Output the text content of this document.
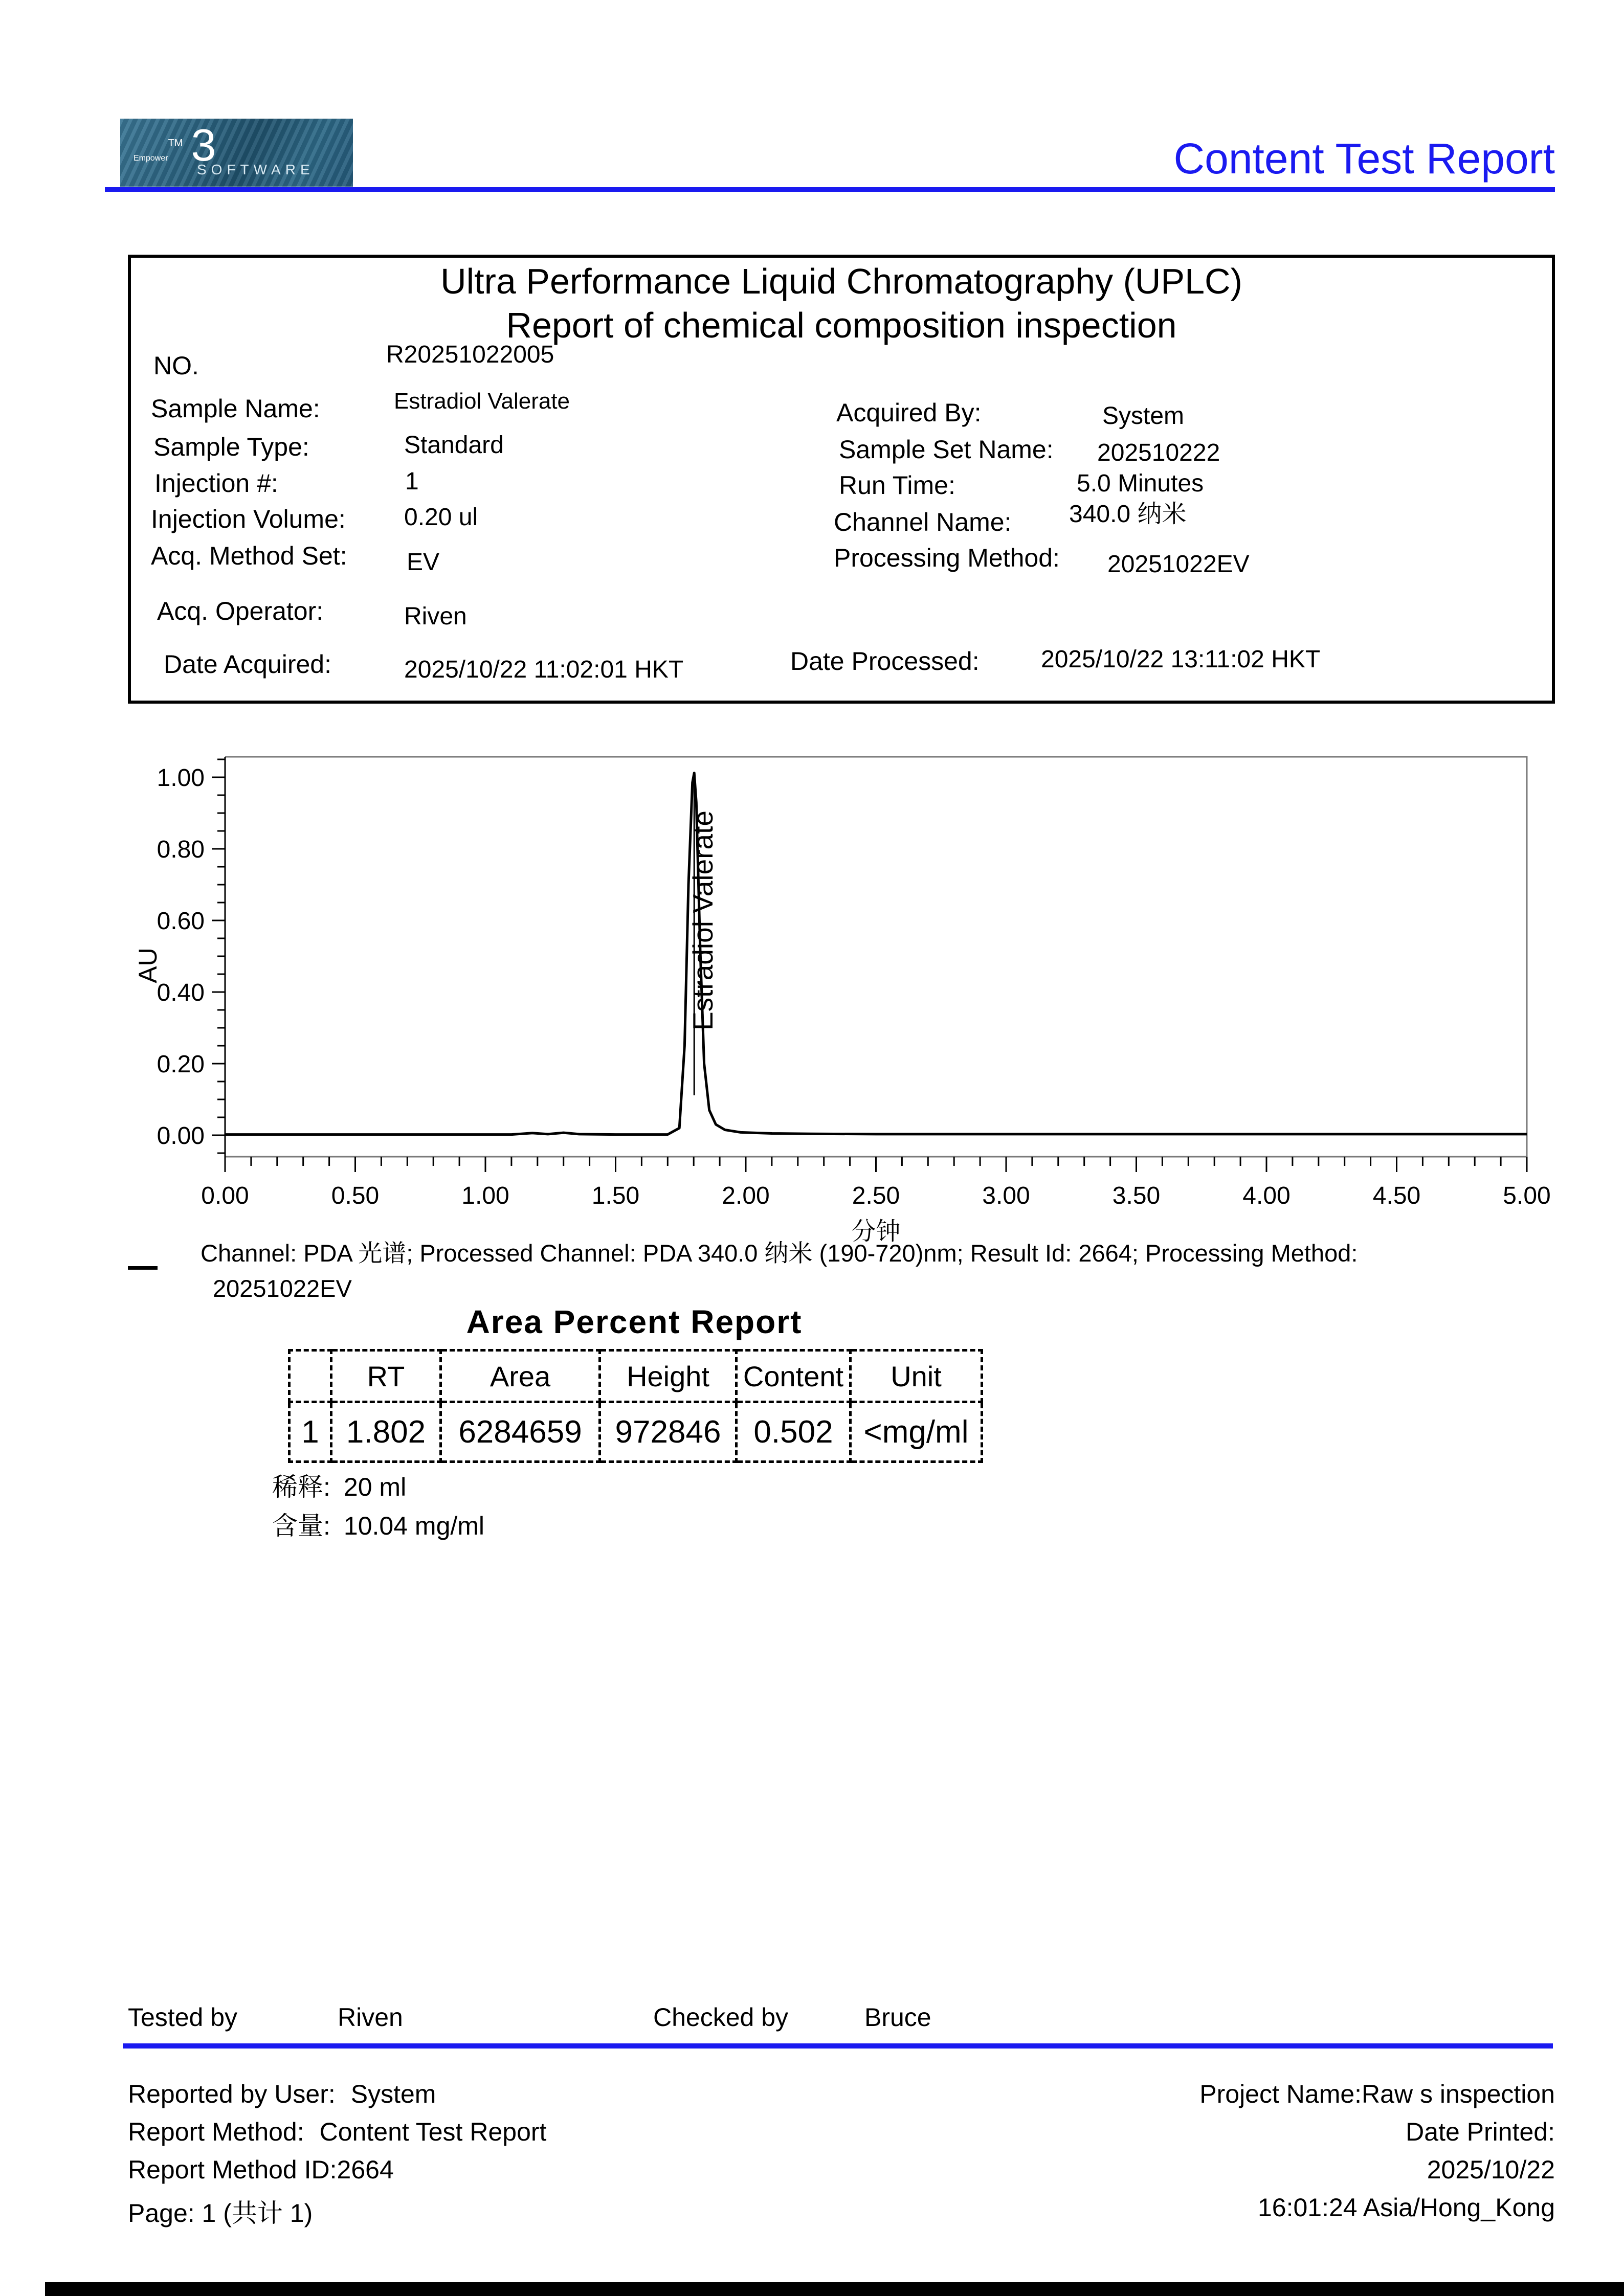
Empower™ 3
SOFTWARE	Content Test Report
Ultra Performance Liquid Chromatography (UPLC)
Report of chemical composition inspection
NO.	R20251022005
Sample Name:	Estradiol Valerate
Sample Type:	Standard
Injection #:	1
Injection Volume: 0.20 ul
Acq. Method Set: EV
Acq. Operator:	Riven
Date Acquired:	2025/10/22 11:02:01 HKT
Acquired By:	System
Sample Set Name: 202510222
Run Time:	5.0 Minutes
Channel Name: 340.0 纳米
Processing Method: 20251022EV
Date Processed:	2025/10/22 13:11:02 HKT
0.00
0.20
0.40
0.60
0.80
1.00
0.00	0.50	1.00	1.50	2.00	2.50	3.00	3.50	4.00	4.50	5.00
AU
分钟
Estradiol Valerate
Channel: PDA 光谱; Processed Channel: PDA 340.0 纳米 (190-720)nm; Result Id: 2664; Processing Method:
20251022EV
Area Percent Report
	RT	Area	Height	Content	Unit
1	1.802	6284659	972846	0.502	<mg/ml
稀释: 20 ml
含量: 10.04 mg/ml
Tested by	Riven	Checked by	Bruce
Reported by User: System
Report Method: Content Test Report
Report Method ID:2664
Page: 1 (共计 1)
Project Name:Raw s inspection
Date Printed:
2025/10/22
16:01:24 Asia/Hong_Kong
